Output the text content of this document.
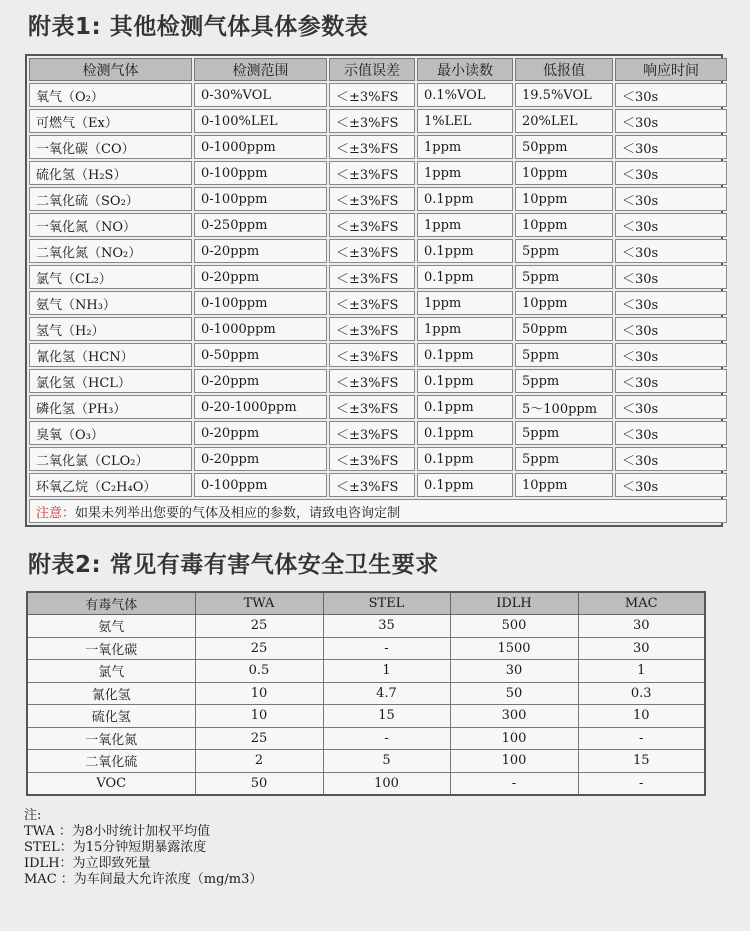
附表1: 其他检测气体具体参数表
检测气体	检测范围	示值误差	最小读数	低报值	响应时间
氧气（O₂）	0-30%VOL	＜±3%FS	0.1%VOL	19.5%VOL	＜30s
可燃气（Ex）	0-100%LEL	＜±3%FS	1%LEL	20%LEL	＜30s
一氧化碳（CO）	0-1000ppm	＜±3%FS	1ppm	50ppm	＜30s
硫化氢（H₂S）	0-100ppm	＜±3%FS	1ppm	10ppm	＜30s
二氧化硫（SO₂）	0-100ppm	＜±3%FS	0.1ppm	10ppm	＜30s
一氧化氮（NO）	0-250ppm	＜±3%FS	1ppm	10ppm	＜30s
二氧化氮（NO₂）	0-20ppm	＜±3%FS	0.1ppm	5ppm	＜30s
氯气（CL₂）	0-20ppm	＜±3%FS	0.1ppm	5ppm	＜30s
氨气（NH₃）	0-100ppm	＜±3%FS	1ppm	10ppm	＜30s
氢气（H₂）	0-1000ppm	＜±3%FS	1ppm	50ppm	＜30s
氰化氢（HCN）	0-50ppm	＜±3%FS	0.1ppm	5ppm	＜30s
氯化氢（HCL）	0-20ppm	＜±3%FS	0.1ppm	5ppm	＜30s
磷化氢（PH₃）	0-20-1000ppm	＜±3%FS	0.1ppm	5～100ppm	＜30s
臭氧（O₃）	0-20ppm	＜±3%FS	0.1ppm	5ppm	＜30s
二氧化氯（CLO₂）	0-20ppm	＜±3%FS	0.1ppm	5ppm	＜30s
环氧乙烷（C₂H₄O）	0-100ppm	＜±3%FS	0.1ppm	10ppm	＜30s
注意：如果未列举出您要的气体及相应的参数，请致电咨询定制					
附表2: 常见有毒有害气体安全卫生要求
有毒气体	TWA	STEL	IDLH	MAC
氨气	25	35	500	30
一氧化碳	25	-	1500	30
氯气	0.5	1	30	1
氰化氢	10	4.7	50	0.3
硫化氢	10	15	300	10
一氧化氮	25	-	100	-
二氧化硫	2	5	100	15
VOC	50	100	-	-
注:
TWA ：为8小时统计加权平均值
STEL：为15分钟短期暴露浓度
IDLH：为立即致死量
MAC ：为车间最大允许浓度（mg/m3）
